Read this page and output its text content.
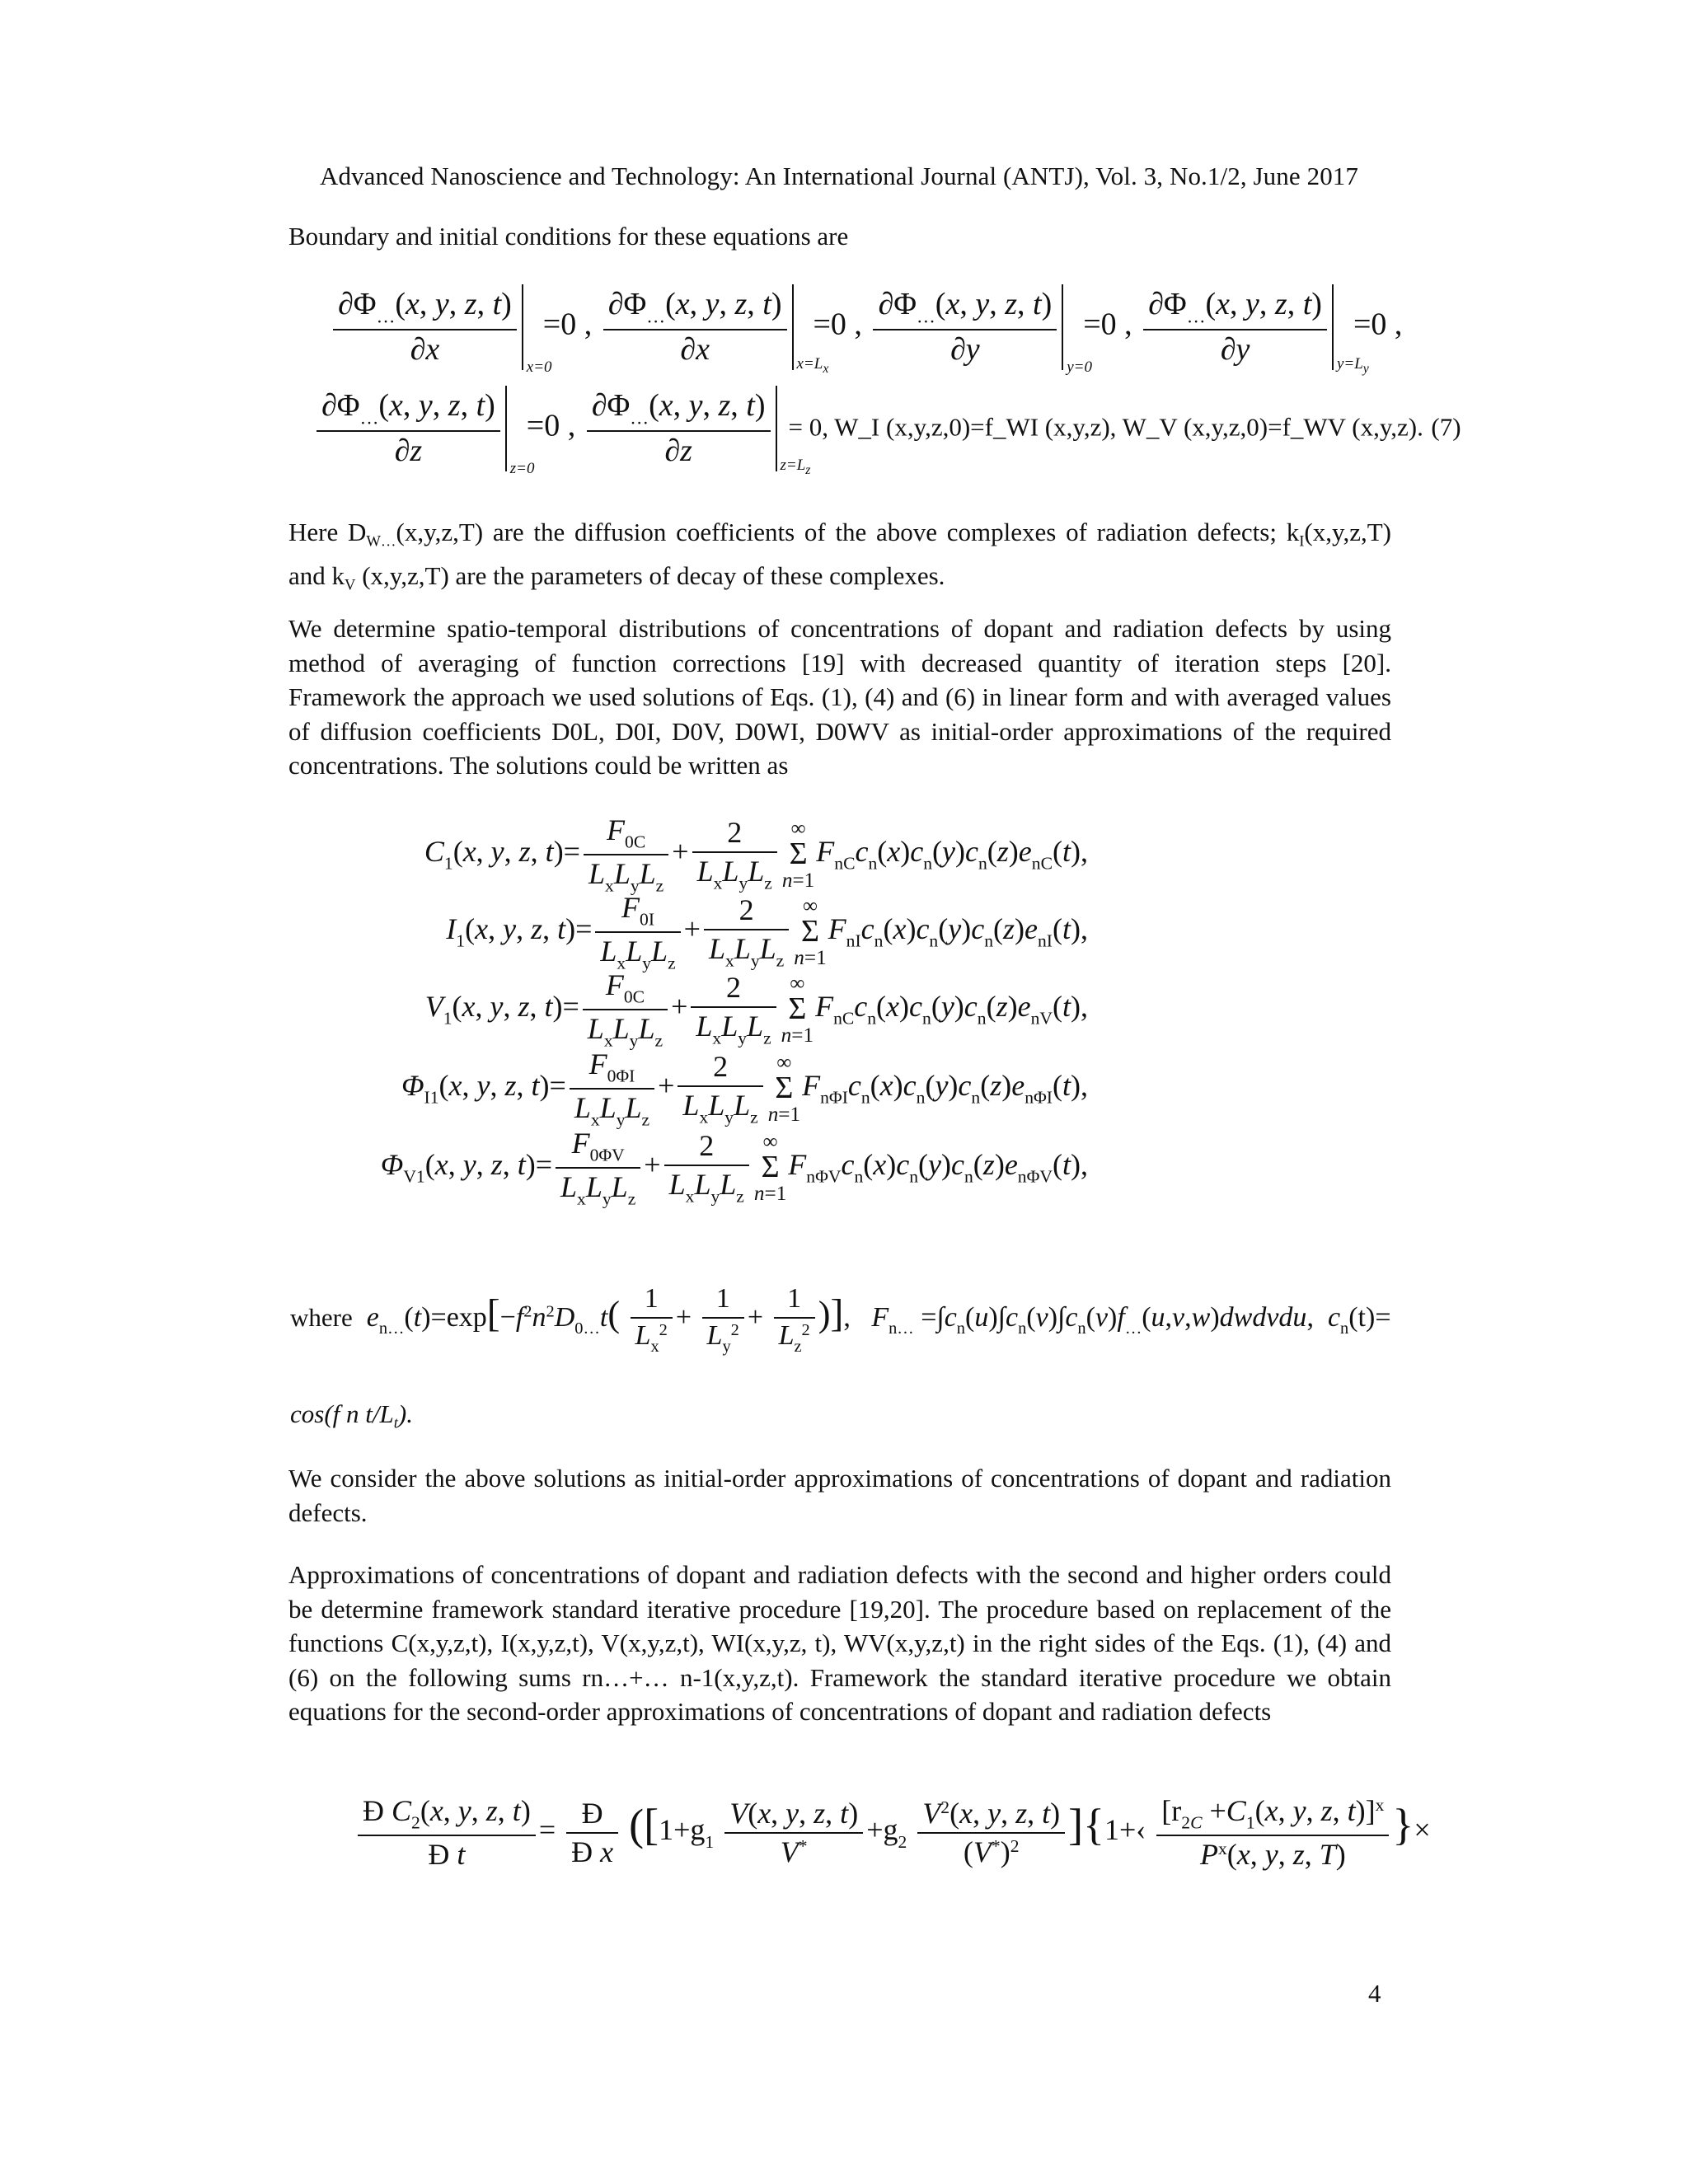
Advanced Nanoscience and Technology: An International Journal (ANTJ), Vol. 3, No.1/2, June 2017
Boundary and initial conditions for these equations are
$\frac{\partial\Phi_\dots(x, y, z, t)}{\partial x} x=0$
=0 , $\frac{\partial\Phi_\dots(x, y, z, t)}{\partial x} x=L_x$
=0 , $\frac{\partial\Phi_\dots(x, y, z, t)}{\partial y} y=0$
=0 , $\frac{\partial\Phi_\dots(x, y, z, t)}{\partial y} y=L_y$
=0 ,
$\frac{\partial\Phi_\dots(x, y, z, t)}{\partial z} z=0$
=0 , $\frac{\partial\Phi_\dots(x, y, z, t)}{\partial z} z=L_z$
= 0, W_I (x,y,z,0)=f_WI (x,y,z), W_V (x,y,z,0)=f_WV (x,y,z). (7)
Here $D_{W\dots}(x,y,z,T)$ are the diffusion coefficients of the above complexes of radiation defects; $k_I(x,y,z,T)$ and $k_V$ (x,y,z,T) are the parameters of decay of these complexes.
We determine spatio-temporal distributions of concentrations of dopant and radiation defects by using method of averaging of function corrections [19] with decreased quantity of iteration steps [20]. Framework the approach we used solutions of Eqs. (1), (4) and (6) in linear form and with averaged values of diffusion coefficients D0L, D0I, D0V, D0WI, D0WV as initial-order approximations of the required concentrations. The solutions could be written as
$C_1(x$, y, z, $t)= \frac{F_{0C}}{L_xL_yL_z} + \frac{2}{L_xL_yL_z}$ ∞
Σ
n=1
$F_{nC}c_n(x)c_n(y)c_n(z)e_{nC}(t)$,
$I_1(x$, y, z, $t)= \frac{F_{0I}}{L_xL_yL_z} + \frac{2}{L_xL_yL_z}$ ∞
Σ
n=1
$F_{nI}c_n(x)c_n(y)c_n(z)e_{nI}(t)$,
$V_1(x$, y, z, $t)= \frac{F_{0C}}{L_xL_yL_z} + \frac{2}{L_xL_yL_z}$ ∞
Σ
n=1
$F_{nC}c_n(x)c_n(y)c_n(z)e_{nV}(t)$,
$\Phi_{I1}(x$, y, z, $t)= \frac{F_{0\Phi I}}{L_xL_yL_z} + \frac{2}{L_xL_yL_z}$ ∞
Σ
n=1
$F_{n\Phi I}c_n(x)c_n(y)c_n(z)e_{n\Phi I}(t)$,
$\Phi_{V1}(x$, y, z, $t)= \frac{F_{0\Phi V}}{L_xL_yL_z} + \frac{2}{L_xL_yL_z}$ ∞
Σ
n=1
$F_{n\Phi V}c_n(x)c_n(y)c_n(z)e_{n\Phi V}(t)$,
where $e_{n\dots}(t)=\exp[-f^2n^2D_{0\dots}t( \frac{1}{L_x^2} + \frac{1}{L_y^2} + \frac{1}{L_z^2}$ )],   $F_{n\dots}$ $=\int c_n(u)\int c_n(v)\int c_n(v)f_\dots(u,v,w)dwdvdu$,  $c_n(t)=$
cos(f n $t/L_t$).
We consider the above solutions as initial-order approximations of concentrations of dopant and radiation defects.
Approximations of concentrations of dopant and radiation defects with the second and higher orders could be determine framework standard iterative procedure [19,20]. The procedure based on replacement of the functions C(x,y,z,t), I(x,y,z,t), V(x,y,z,t), WI(x,y,z, t), WV(x,y,z,t) in the right sides of the Eqs. (1), (4) and (6) on the following sums rn…+… n-1(x,y,z,t). Framework the standard iterative procedure we obtain equations for the second-order approximations of concentrations of dopant and radiation defects
$\frac{Ð C_2(x, y, z, t)}{\text{Ð t}} = \frac{Ð}{\text{Ð x}} ([1+g_1 \frac{V(x, y, z, t)}{V^*} +g_2 \frac{V^2(x, y, z, t)}{(V^*)^2}$ ]{1+‹ $\frac{[r_{2C} +C_1(x, y, z, t)]^x}{P^x(x, y, z, T)}$ }×
4
